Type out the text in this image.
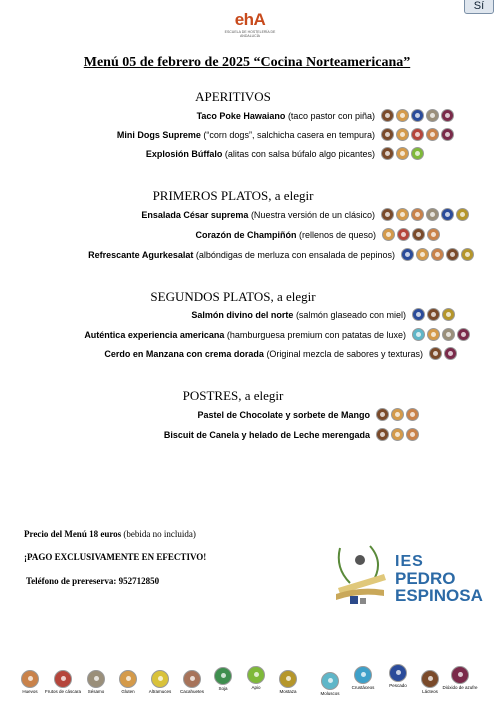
Sí
ehA
ESCUELA DE HOSTELERÍA DE ANDALUCÍA
Menú 05 de febrero de 2025 “Cocina Norteamericana”
APERITIVOS
Taco Poke Hawaiano (taco pastor con piña)
Mini Dogs Supreme (“corn dogs”, salchicha casera en tempura)
Explosión Búffalo (alitas con salsa búfalo algo picantes)
PRIMEROS PLATOS, a elegir
Ensalada César suprema (Nuestra versión de un clásico)
Corazón de Champiñón (rellenos de queso)
Refrescante Agurkesalat (albóndigas de merluza con ensalada de pepinos)
SEGUNDOS PLATOS, a elegir
Salmón divino del norte (salmón glaseado con miel)
Auténtica experiencia americana (hamburguesa premium con patatas de luxe)
Cerdo en Manzana con crema dorada (Original mezcla de sabores y texturas)
POSTRES, a elegir
Pastel de Chocolate y sorbete de Mango
Biscuit de Canela y helado de Leche merengada
Precio del Menú 18 euros (bebida no incluida)
¡PAGO EXCLUSIVAMENTE EN EFECTIVO!
Teléfono de prereserva: 952712850
IES
PEDRO
ESPINOSA
Huevos	Frutos de cáscara	Sésamo	Gluten	Altramuces	Cacahuetes
Soja	Apio
Mostaza	Moluscos
Crustáceos	Pescado
Lácteos
Dióxido de azufre
